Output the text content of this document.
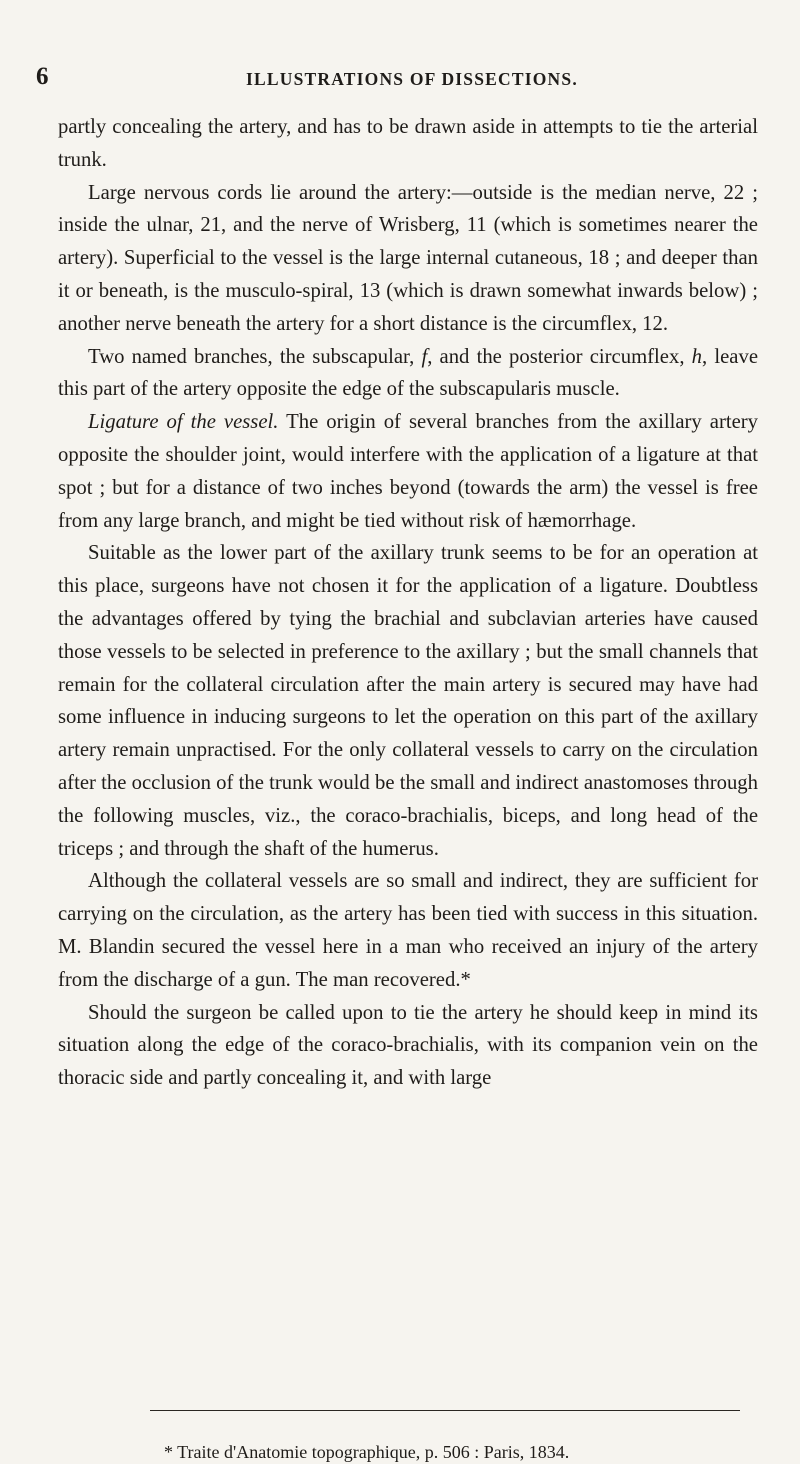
6	ILLUSTRATIONS OF DISSECTIONS.

partly concealing the artery, and has to be drawn aside in attempts to tie the arterial trunk.

Large nervous cords lie around the artery:—outside is the median nerve, 22 ; inside the ulnar, 21, and the nerve of Wrisberg, 11 (which is sometimes nearer the artery). Superficial to the vessel is the large internal cutaneous, 18 ; and deeper than it or beneath, is the musculo-spiral, 13 (which is drawn somewhat inwards below) ; another nerve beneath the artery for a short distance is the circumflex, 12.

Two named branches, the subscapular, f, and the posterior circumflex, h, leave this part of the artery opposite the edge of the subscapularis muscle.

Ligature of the vessel. The origin of several branches from the axillary artery opposite the shoulder joint, would interfere with the application of a ligature at that spot ; but for a distance of two inches beyond (towards the arm) the vessel is free from any large branch, and might be tied without risk of hæmorrhage.

Suitable as the lower part of the axillary trunk seems to be for an operation at this place, surgeons have not chosen it for the application of a ligature. Doubtless the advantages offered by tying the brachial and subclavian arteries have caused those vessels to be selected in preference to the axillary ; but the small channels that remain for the collateral circulation after the main artery is secured may have had some influence in inducing surgeons to let the operation on this part of the axillary artery remain unpractised. For the only collateral vessels to carry on the circulation after the occlusion of the trunk would be the small and indirect anastomoses through the following muscles, viz., the coraco-brachialis, biceps, and long head of the triceps ; and through the shaft of the humerus.

Although the collateral vessels are so small and indirect, they are sufficient for carrying on the circulation, as the artery has been tied with success in this situation. M. Blandin secured the vessel here in a man who received an injury of the artery from the discharge of a gun. The man recovered.*

Should the surgeon be called upon to tie the artery he should keep in mind its situation along the edge of the coraco-brachialis, with its companion vein on the thoracic side and partly concealing it, and with large

* Traite d'Anatomie topographique, p. 506 : Paris, 1834.
